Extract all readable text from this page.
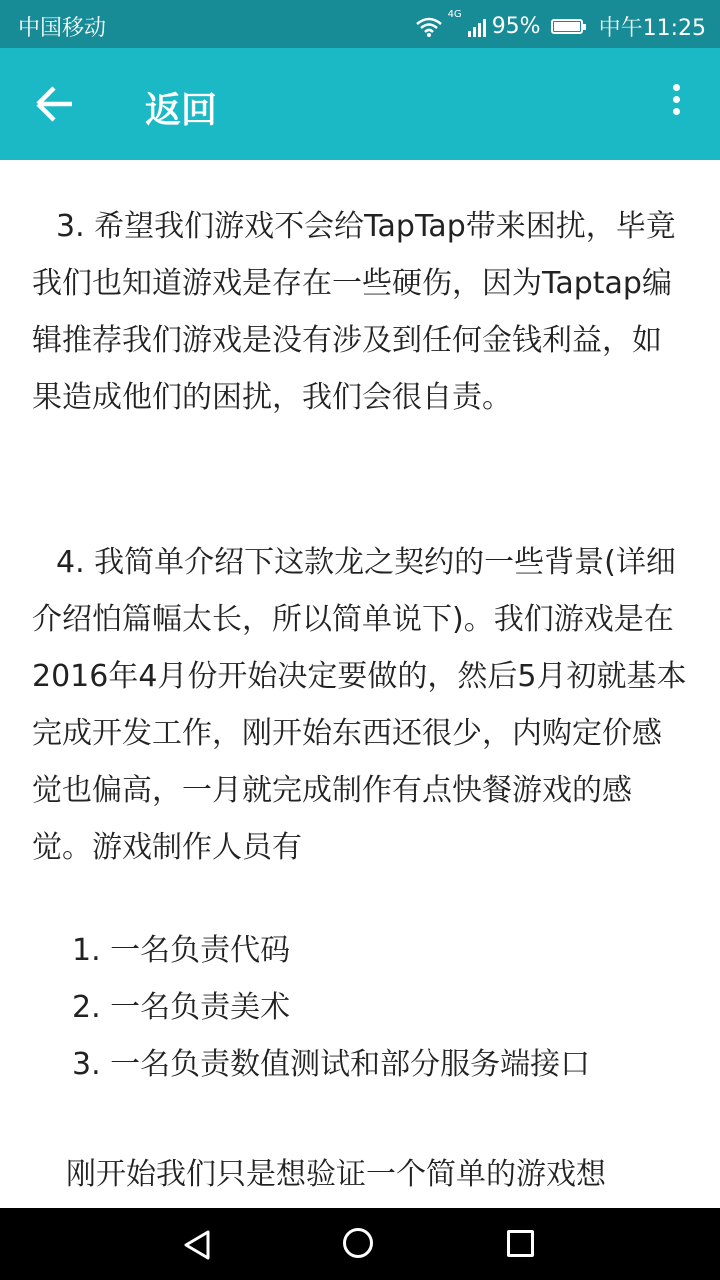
中国移动
4G 95%	中午11:25
返回

3. 希望我们游戏不会给TapTap带来困扰，毕竟我们也知道游戏是存在一些硬伤，因为Taptap编辑推荐我们游戏是没有涉及到任何金钱利益，如果造成他们的困扰，我们会很自责。

4. 我简单介绍下这款龙之契约的一些背景(详细介绍怕篇幅太长，所以简单说下)。我们游戏是在2016年4月份开始决定要做的，然后5月初就基本完成开发工作，刚开始东西还很少，内购定价感觉也偏高，一月就完成制作有点快餐游戏的感觉。游戏制作人员有

1. 一名负责代码
2. 一名负责美术
3. 一名负责数值测试和部分服务端接口

刚开始我们只是想验证一个简单的游戏想
